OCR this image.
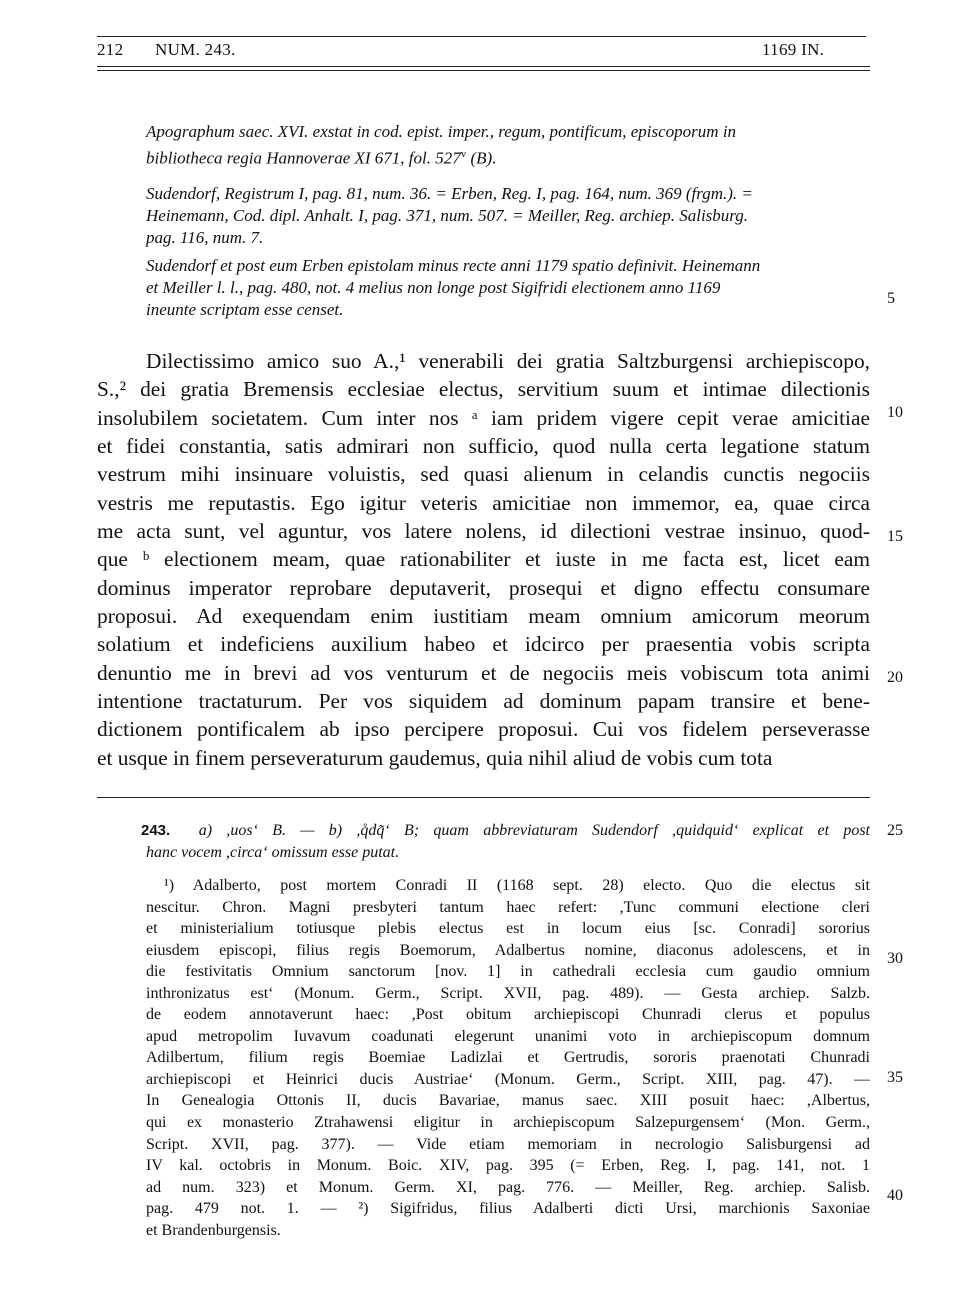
212 NUM. 243.	1169 IN.

Apographum saec. XVI. exstat in cod. epist. imper., regum, pontificum, episcoporum in

bibliotheca regia Hannoverae XI 671, fol. 527$^v$ (B).

Sudendorf, Registrum I, pag. 81, num. 36. = Erben, Reg. I, pag. 164, num. 369 (frgm.). =

Heinemann, Cod. dipl. Anhalt. I, pag. 371, num. 507. = Meiller, Reg. archiep. Salisburg.

pag. 116, num. 7.

Sudendorf et post eum Erben epistolam minus recte anni 1179 spatio definivit. Heinemann

et Meiller l. l., pag. 480, not. 4 melius non longe post Sigifridi electionem anno 1169

ineunte scriptam esse censet.

Dilectissimo amico suo A.,¹ venerabili dei gratia Saltzburgensi archiepiscopo,
S.,² dei gratia Bremensis ecclesiae electus, servitium suum et intimae dilectionis
insolubilem societatem. Cum inter nos ᵃ iam pridem vigere cepit verae amicitiae
et fidei constantia, satis admirari non sufficio, quod nulla certa legatione statum
vestrum mihi insinuare voluistis, sed quasi alienum in celandis cunctis negociis
vestris me reputastis. Ego igitur veteris amicitiae non immemor, ea, quae circa
me acta sunt, vel aguntur, vos latere nolens, id dilectioni vestrae insinuo, quod-
que ᵇ electionem meam, quae rationabiliter et iuste in me facta est, licet eam
dominus imperator reprobare deputaverit, prosequi et digno effectu consumare
proposui. Ad exequendam enim iustitiam meam omnium amicorum meorum
solatium et indeficiens auxilium habeo et idcirco per praesentia vobis scripta
denuntio me in brevi ad vos venturum et de negociis meis vobiscum tota animi
intentione tractaturum. Per vos siquidem ad dominum papam transire et bene-
dictionem pontificalem ab ipso percipere proposui. Cui vos fidelem perseverasse
et usque in finem perseveraturum gaudemus, quia nihil aliud de vobis cum tota
243. a) ,uos‘ B. — b) ,q̊dq̃‘ B; quam abbreviaturam Sudendorf ,quidquid‘ explicat et post
hanc vocem ,circa‘ omissum esse putat.
¹) Adalberto, post mortem Conradi II (1168 sept. 28) electo. Quo die electus sit
nescitur. Chron. Magni presbyteri tantum haec refert: ,Tunc communi electione cleri
et ministerialium totiusque plebis electus est in locum eius [sc. Conradi] sororius
eiusdem episcopi, filius regis Boemorum, Adalbertus nomine, diaconus adolescens, et in
die festivitatis Omnium sanctorum [nov. 1] in cathedrali ecclesia cum gaudio omnium
inthronizatus est‘ (Monum. Germ., Script. XVII, pag. 489). — Gesta archiep. Salzb.
de eodem annotaverunt haec: ,Post obitum archiepiscopi Chunradi clerus et populus
apud metropolim Iuvavum coadunati elegerunt unanimi voto in archiepiscopum domnum
Adilbertum, filium regis Boemiae Ladizlai et Gertrudis, sororis praenotati Chunradi
archiepiscopi et Heinrici ducis Austriae‘ (Monum. Germ., Script. XIII, pag. 47). —
In Genealogia Ottonis II, ducis Bavariae, manus saec. XIII posuit haec: ,Albertus,
qui ex monasterio Ztrahawensi eligitur in archiepiscopum Salzepurgensem‘ (Mon. Germ.,
Script. XVII, pag. 377). — Vide etiam memoriam in necrologio Salisburgensi ad
IV kal. octobris in Monum. Boic. XIV, pag. 395 (= Erben, Reg. I, pag. 141, not. 1
ad num. 323) et Monum. Germ. XI, pag. 776. — Meiller, Reg. archiep. Salisb.
pag. 479 not. 1. — ²) Sigifridus, filius Adalberti dicti Ursi, marchionis Saxoniae
et Brandenburgensis.
5
10
15
20
25
30
35
40
